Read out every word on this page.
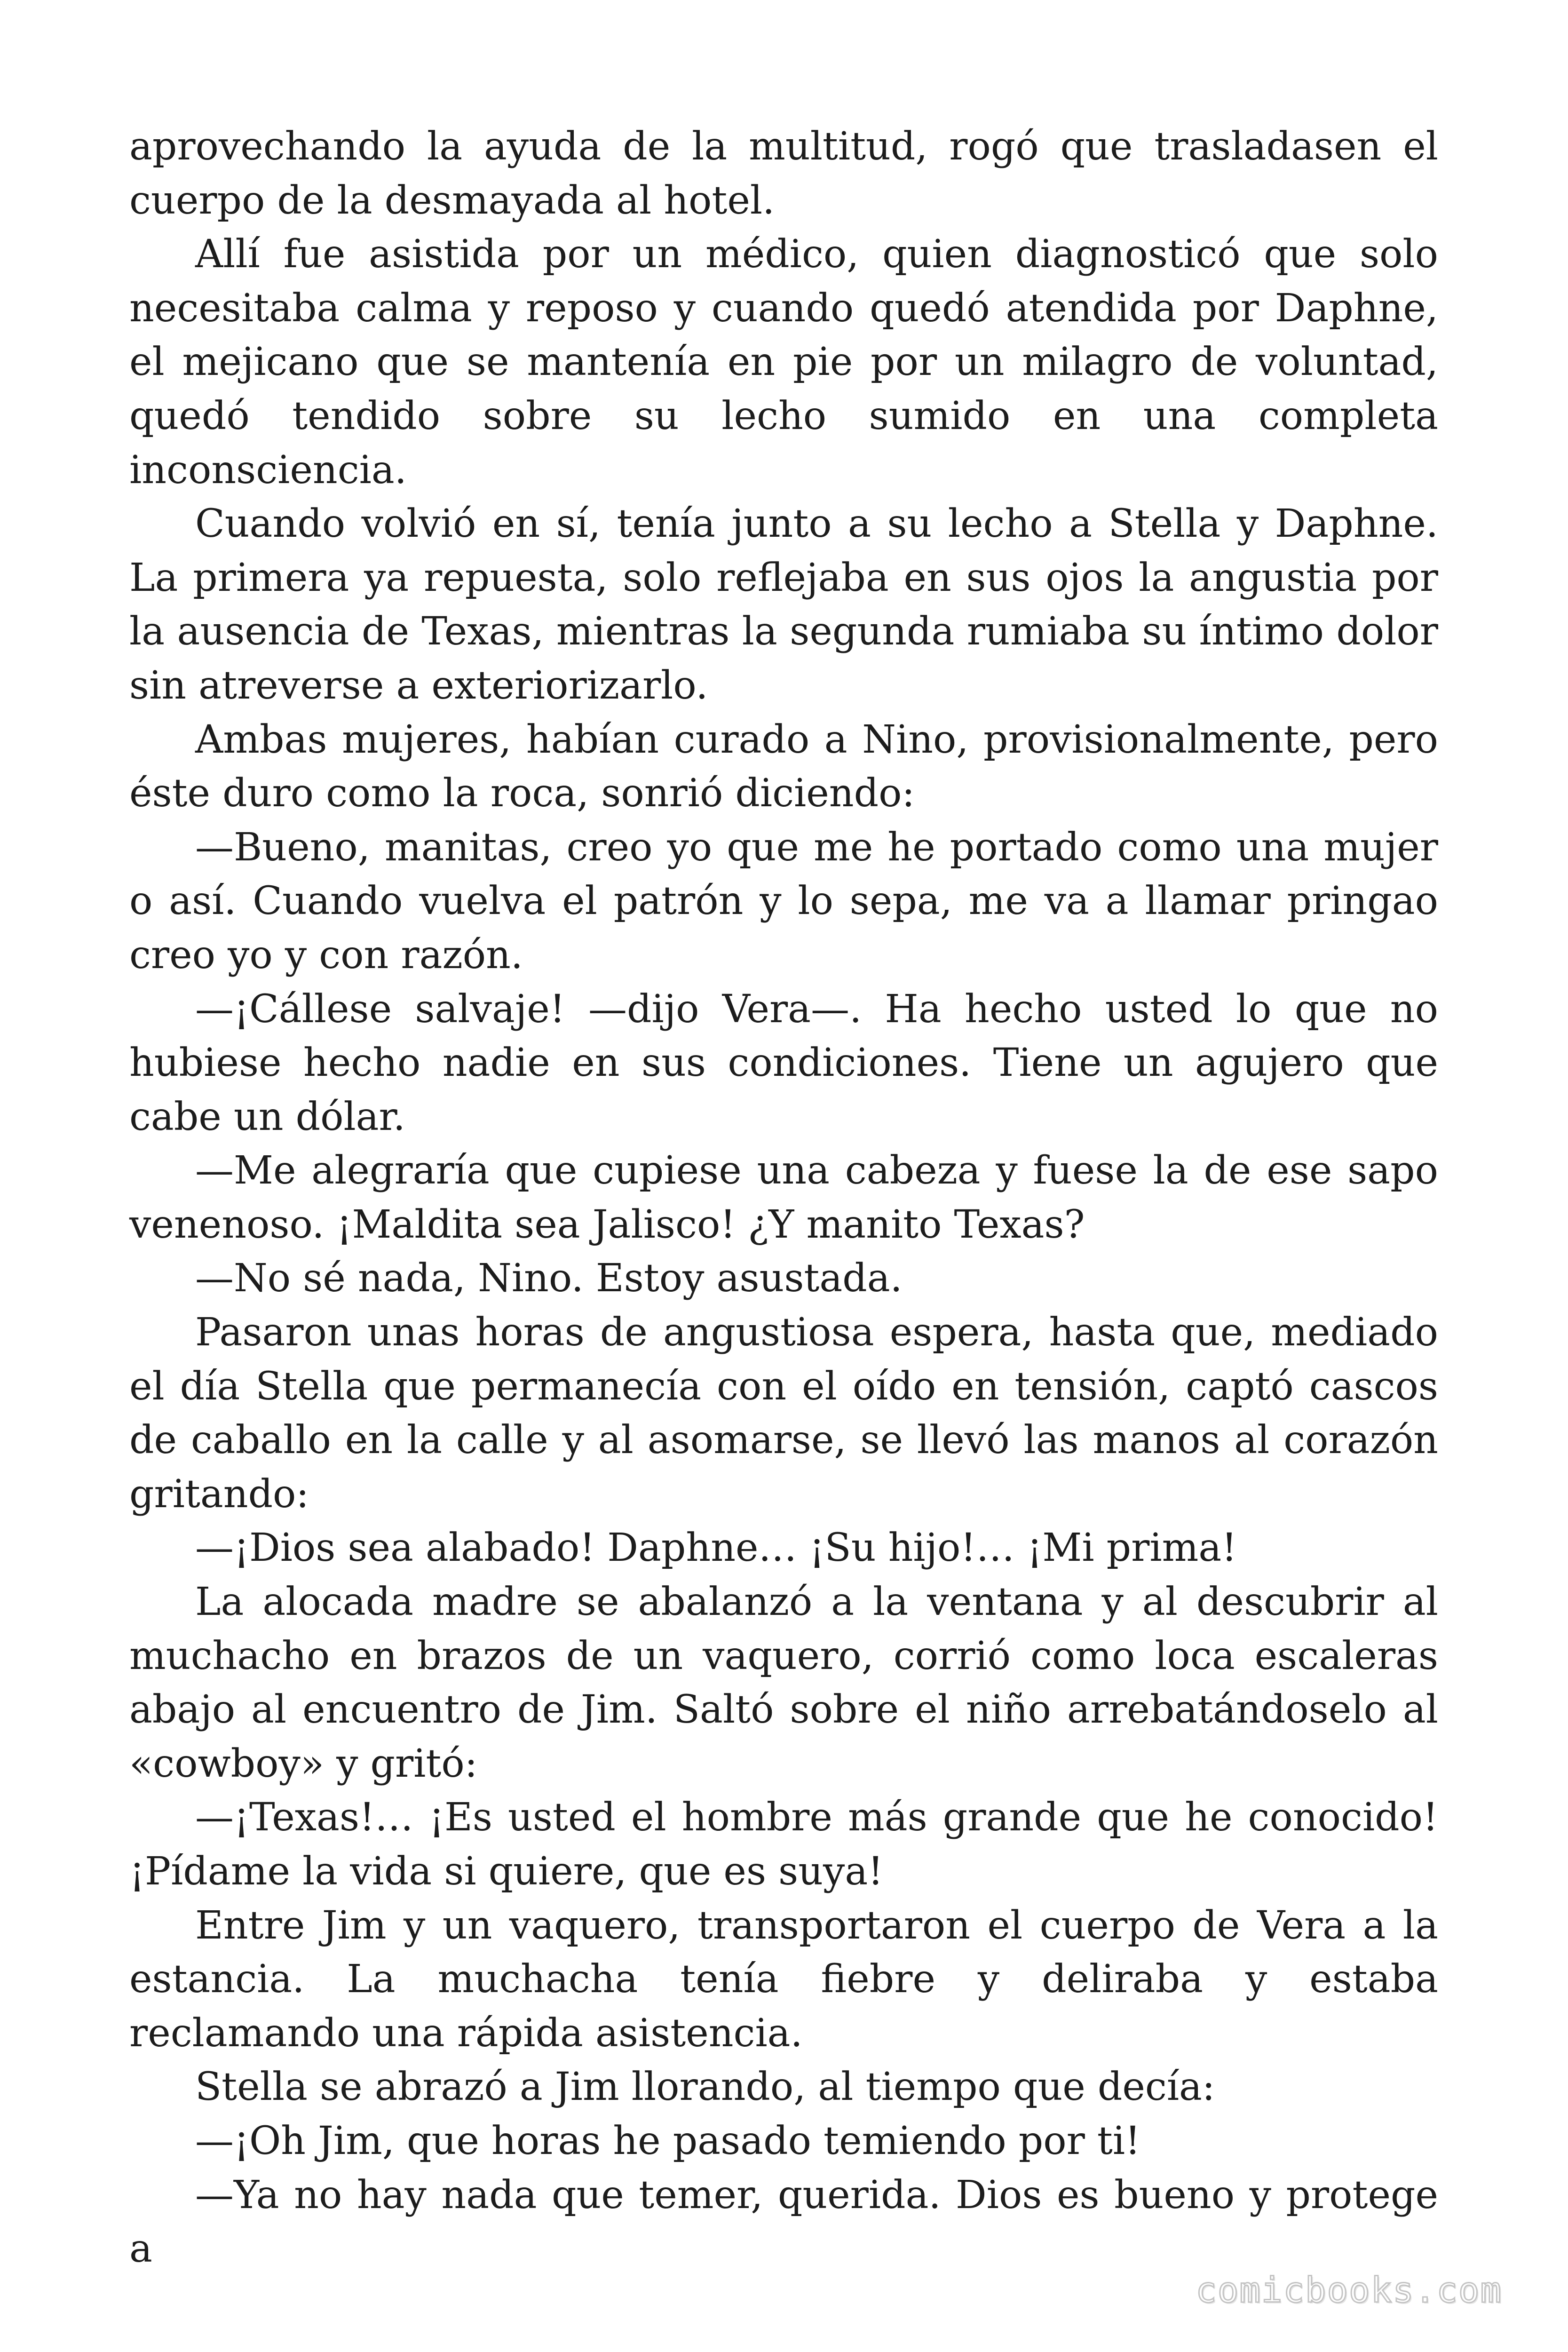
aprovechando la ayuda de la multitud, rogó que trasladasen el cuerpo de la desmayada al hotel.

Allí fue asistida por un médico, quien diagnosticó que solo necesitaba calma y reposo y cuando quedó atendida por Daphne, el mejicano que se mantenía en pie por un milagro de voluntad, quedó tendido sobre su lecho sumido en una completa inconsciencia.

Cuando volvió en sí, tenía junto a su lecho a Stella y Daphne. La primera ya repuesta, solo reflejaba en sus ojos la angustia por la ausencia de Texas, mientras la segunda rumiaba su íntimo dolor sin atreverse a exteriorizarlo.

Ambas mujeres, habían curado a Nino, provisionalmente, pero éste duro como la roca, sonrió diciendo:

—Bueno, manitas, creo yo que me he portado como una mujer o así. Cuando vuelva el patrón y lo sepa, me va a llamar pringao creo yo y con razón.

—¡Cállese salvaje! —dijo Vera—. Ha hecho usted lo que no hubiese hecho nadie en sus condiciones. Tiene un agujero que cabe un dólar.

—Me alegraría que cupiese una cabeza y fuese la de ese sapo venenoso. ¡Maldita sea Jalisco! ¿Y manito Texas?

—No sé nada, Nino. Estoy asustada.

Pasaron unas horas de angustiosa espera, hasta que, mediado el día Stella que permanecía con el oído en tensión, captó cascos de caballo en la calle y al asomarse, se llevó las manos al corazón gritando:

—¡Dios sea alabado! Daphne… ¡Su hijo!… ¡Mi prima!

La alocada madre se abalanzó a la ventana y al descubrir al muchacho en brazos de un vaquero, corrió como loca escaleras abajo al encuentro de Jim. Saltó sobre el niño arrebatándoselo al «cowboy» y gritó:

—¡Texas!… ¡Es usted el hombre más grande que he conocido! ¡Pídame la vida si quiere, que es suya!

Entre Jim y un vaquero, transportaron el cuerpo de Vera a la estancia. La muchacha tenía fiebre y deliraba y estaba reclamando una rápida asistencia.

Stella se abrazó a Jim llorando, al tiempo que decía:

—¡Oh Jim, que horas he pasado temiendo por ti!

—Ya no hay nada que temer, querida. Dios es bueno y protege a

comicbooks.com
